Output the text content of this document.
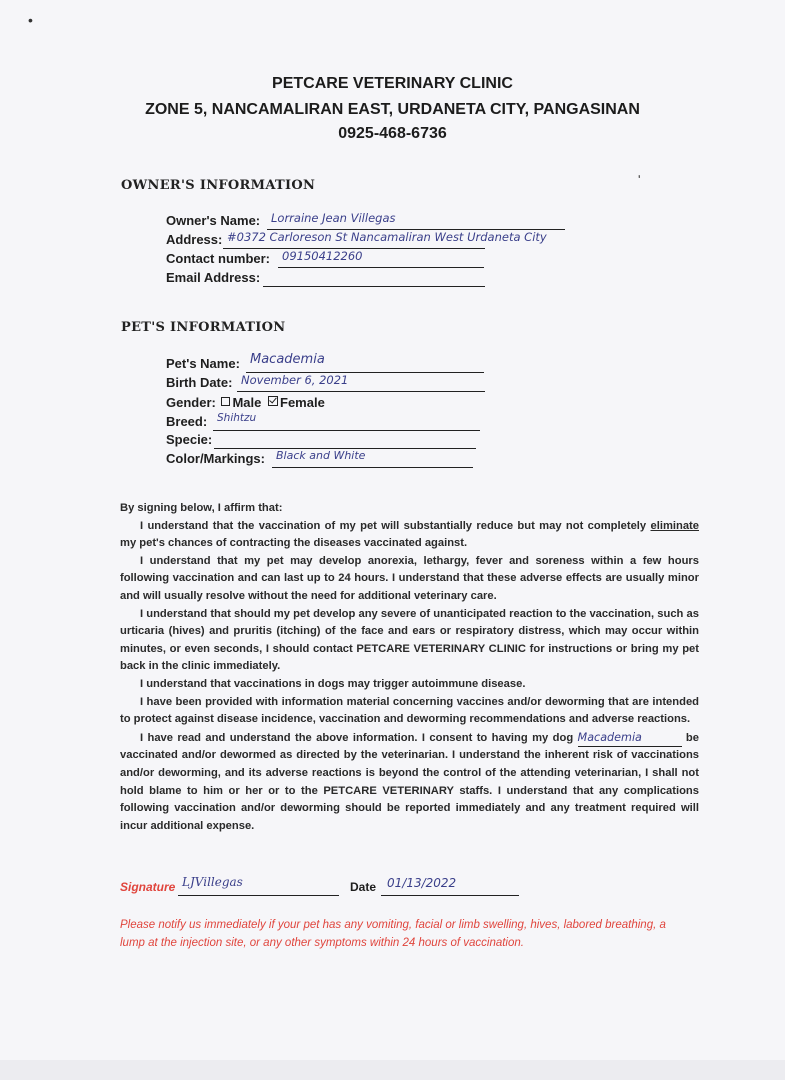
•
ʹ
PETCARE VETERINARY CLINIC
ZONE 5, NANCAMALIRAN EAST, URDANETA CITY, PANGASINAN
0925-468-6736
OWNER'S INFORMATION
Owner's Name: Lorraine Jean Villegas
Address: #0372 Carloreson St Nancamaliran West Urdaneta City
Contact number: 09150412260
Email Address:
PET'S INFORMATION
Pet's Name: Macademia
Birth Date: November 6, 2021
Gender: Male Female
Breed: Shihtzu
Specie:
Color/Markings: Black and White

By signing below, I affirm that:

I understand that the vaccination of my pet will substantially reduce but may not completely eliminate my pet's chances of contracting the diseases vaccinated against.

I understand that my pet may develop anorexia, lethargy, fever and soreness within a few hours following vaccination and can last up to 24 hours. I understand that these adverse effects are usually minor and will usually resolve without the need for additional veterinary care.

I understand that should my pet develop any severe of unanticipated reaction to the vaccination, such as urticaria (hives) and pruritis (itching) of the face and ears or respiratory distress, which may occur within minutes, or even seconds, I should contact PETCARE VETERINARY CLINIC for instructions or bring my pet back in the clinic immediately.

I understand that vaccinations in dogs may trigger autoimmune disease.

I have been provided with information material concerning vaccines and/or deworming that are intended to protect against disease incidence, vaccination and deworming recommendations and adverse reactions.

I have read and understand the above information. I consent to having my dog Macademia	be vaccinated and/or dewormed as directed by the veterinarian. I understand the inherent risk of vaccinations and/or deworming, and its adverse reactions is beyond the control of the attending veterinarian, I shall not hold blame to him or her or to the PETCARE VETERINARY staffs. I understand that any complications following vaccination and/or deworming should be reported immediately and any treatment required will incur additional expense.

Signature LJVillegas	Date 01/13/2022
Please notify us immediately if your pet has any vomiting, facial or limb swelling, hives, labored breathing, a lump at the injection site, or any other symptoms within 24 hours of vaccination.
